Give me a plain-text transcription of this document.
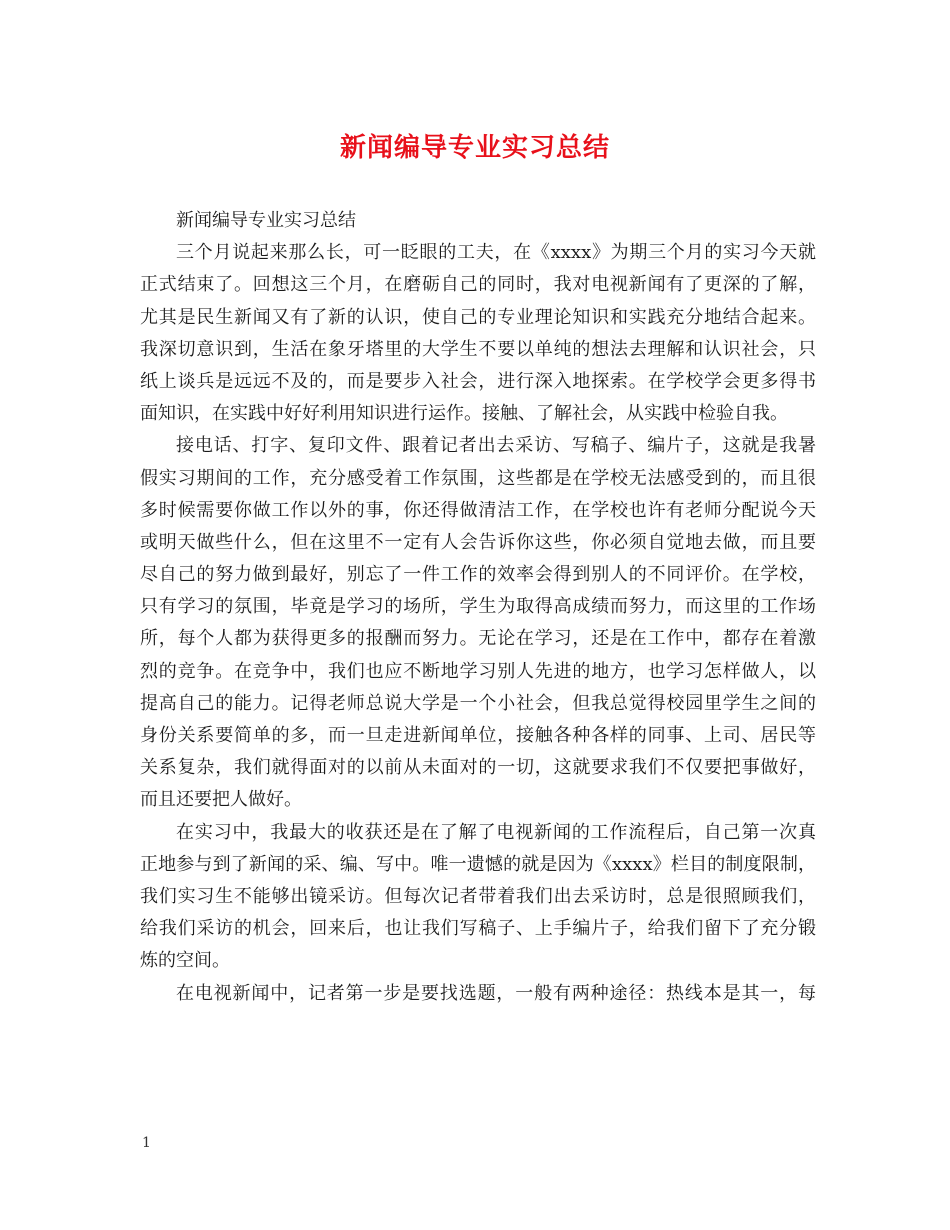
新闻编导专业实习总结
新闻编导专业实习总结
三个月说起来那么长，可一眨眼的工夫，在《xxxx》为期三个月的实习今天就
正式结束了。回想这三个月，在磨砺自己的同时，我对电视新闻有了更深的了解，
尤其是民生新闻又有了新的认识，使自己的专业理论知识和实践充分地结合起来。
我深切意识到，生活在象牙塔里的大学生不要以单纯的想法去理解和认识社会，只
纸上谈兵是远远不及的，而是要步入社会，进行深入地探索。在学校学会更多得书
面知识，在实践中好好利用知识进行运作。接触、了解社会，从实践中检验自我。
接电话、打字、复印文件、跟着记者出去采访、写稿子、编片子，这就是我暑
假实习期间的工作，充分感受着工作氛围，这些都是在学校无法感受到的，而且很
多时候需要你做工作以外的事，你还得做清洁工作，在学校也许有老师分配说今天
或明天做些什么，但在这里不一定有人会告诉你这些，你必须自觉地去做，而且要
尽自己的努力做到最好，别忘了一件工作的效率会得到别人的不同评价。在学校，
只有学习的氛围，毕竟是学习的场所，学生为取得高成绩而努力，而这里的工作场
所，每个人都为获得更多的报酬而努力。无论在学习，还是在工作中，都存在着激
烈的竞争。在竞争中，我们也应不断地学习别人先进的地方，也学习怎样做人，以
提高自己的能力。记得老师总说大学是一个小社会，但我总觉得校园里学生之间的
身份关系要简单的多，而一旦走进新闻单位，接触各种各样的同事、上司、居民等
关系复杂，我们就得面对的以前从未面对的一切，这就要求我们不仅要把事做好，
而且还要把人做好。
在实习中，我最大的收获还是在了解了电视新闻的工作流程后，自己第一次真
正地参与到了新闻的采、编、写中。唯一遗憾的就是因为《xxxx》栏目的制度限制，
我们实习生不能够出镜采访。但每次记者带着我们出去采访时，总是很照顾我们，
给我们采访的机会，回来后，也让我们写稿子、上手编片子，给我们留下了充分锻
炼的空间。
在电视新闻中，记者第一步是要找选题，一般有两种途径：热线本是其一，每
1
